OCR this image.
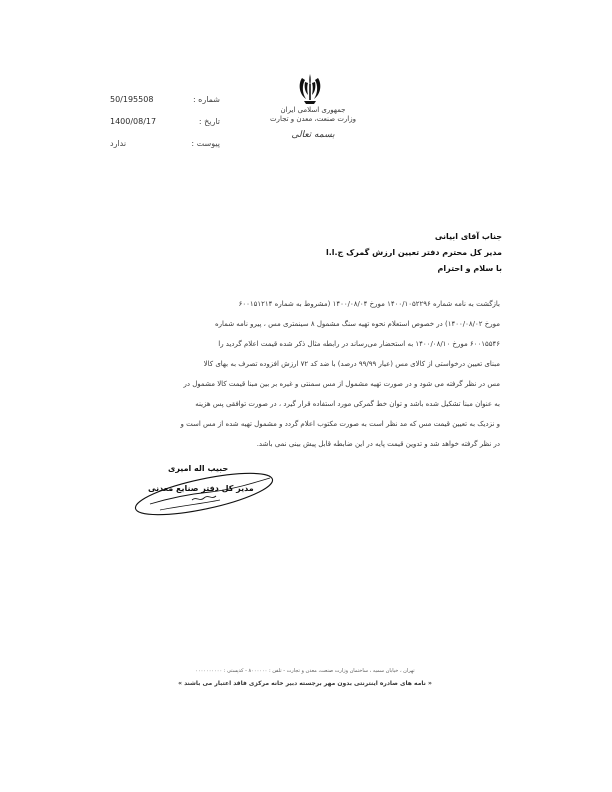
50/195508	شماره :
1400/08/17	تاریخ :
ندارد	پیوست :
جمهوری اسلامی ایران
وزارت صنعت، معدن و تجارت
بسمه تعالی
جناب آقای ابیانی
مدیر کل محترم دفتر تعیین ارزش گمرک ج.ا.ا
با سلام و احترام
بازگشت به نامه شماره ۱۴۰۰/۱۰۵۲۲۹۶ مورخ ۱۴۰۰/۰۸/۰۴ (مشروط به شماره ۶۰۰۱۵۱۲۱۴
مورخ ۱۴۰۰/۰۸/۰۲) در خصوص استعلام نحوه تهیه سنگ مشمول ۸ سینمتری مس ، پیرو نامه شماره
۶۰۰۱۵۵۴۶ مورخ ۱۴۰۰/۰۸/۱۰ به استحضار می‌رساند در رابطه مثال ذکر شده قیمت اعلام گردید را
مبنای تعیین درخواستی از کالای مس (عیار ۹۹/۹۹ درصد) با ضد کد ۷۲ ارزش افزوده تصرف به بهای کالا
مس در نظر گرفته می شود و در صورت تهیه مشمول از مس سمنتی و غیره بر بین مبنا قیمت کالا مشمول در
به عنوان مبنا تشکیل شده باشد و توان خط گمرکی مورد استفاده قرار گیرد ، در صورت توافقی پس هزینه
و نزدیک به تعیین قیمت مس که مد نظر است به صورت مکتوب اعلام گردد و مشمول تهیه شده از مس است و
در نظر گرفته خواهد شد و تدوین قیمت پایه در این ضابطه قابل پیش بینی نمی باشد.
حبیب اله امیری
مدیر کل دفتر صنایع معدنی
تهران ، خیابان سمیه ، ساختمان وزارت صنعت، معدن و تجارت - تلفن : ۸۰۰۰۰۰۰ - کدپستی : ۰۰۰۰۰۰۰۰۰۰
« نامه های صادره اینترنتی بدون مهر برجسته دبیر خانه مرکزی فاقد اعتبار می باشند »
